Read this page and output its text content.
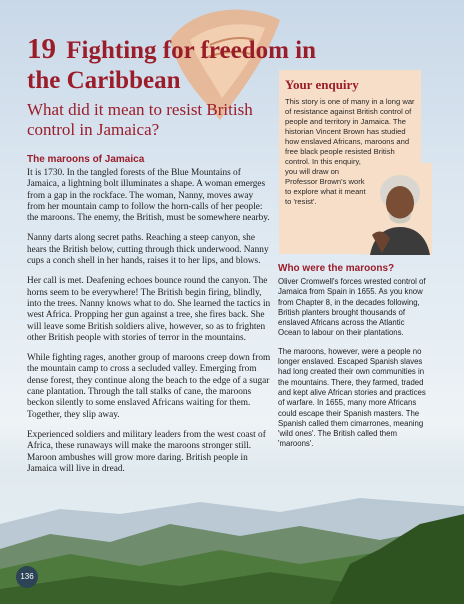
19 Fighting for freedom in the Caribbean
What did it mean to resist British control in Jamaica?
Your enquiry

This story is one of many in a long war of resistance against British control of people and territory in Jamaica. The historian Vincent Brown has studied how enslaved Africans, maroons and free black people resisted British

control. In this enquiry, you will draw on Professor Brown's work to explore what it meant to 'resist'.

The maroons of Jamaica

It is 1730. In the tangled forests of the Blue Mountains of Jamaica, a lightning bolt illuminates a shape. A woman emerges from a gap in the rockface. The woman, Nanny, moves away from her mountain camp to follow the horn-calls of her people: the maroons. The enemy, the British, must be somewhere nearby.

Nanny darts along secret paths. Reaching a steep canyon, she hears the British below, cutting through thick underwood. Nanny cups a conch shell in her hands, raises it to her lips, and blows.

Her call is met. Deafening echoes bounce round the canyon. The horns seem to be everywhere! The British begin firing, blindly, into the trees. Nanny knows what to do. She learned the tactics in west Africa. Propping her gun against a tree, she fires back. She will leave some British soldiers alive, however, so as to frighten other British people with stories of terror in the mountains.

While fighting rages, another group of maroons creep down from the mountain camp to cross a secluded valley. Emerging from dense forest, they continue along the beach to the edge of a sugar cane plantation. Through the tall stalks of cane, the maroons beckon silently to some enslaved Africans waiting for them. Together, they slip away.

Experienced soldiers and military leaders from the west coast of Africa, these runaways will make the maroons stronger still. Maroon ambushes will grow more daring. British people in Jamaica will live in dread.

Who were the maroons?

Oliver Cromwell's forces wrested control of Jamaica from Spain in 1655. As you know from Chapter 8, in the decades following, British planters brought thousands of enslaved Africans across the Atlantic Ocean to labour on their plantations.

The maroons, however, were a people no longer enslaved. Escaped Spanish slaves had long created their own communities in the mountains. There, they farmed, traded and kept alive African stories and practices of warfare. In 1655, many more Africans could escape their Spanish masters. The Spanish called them cimarrones, meaning 'wild ones'. The British called them 'maroons'.

136
